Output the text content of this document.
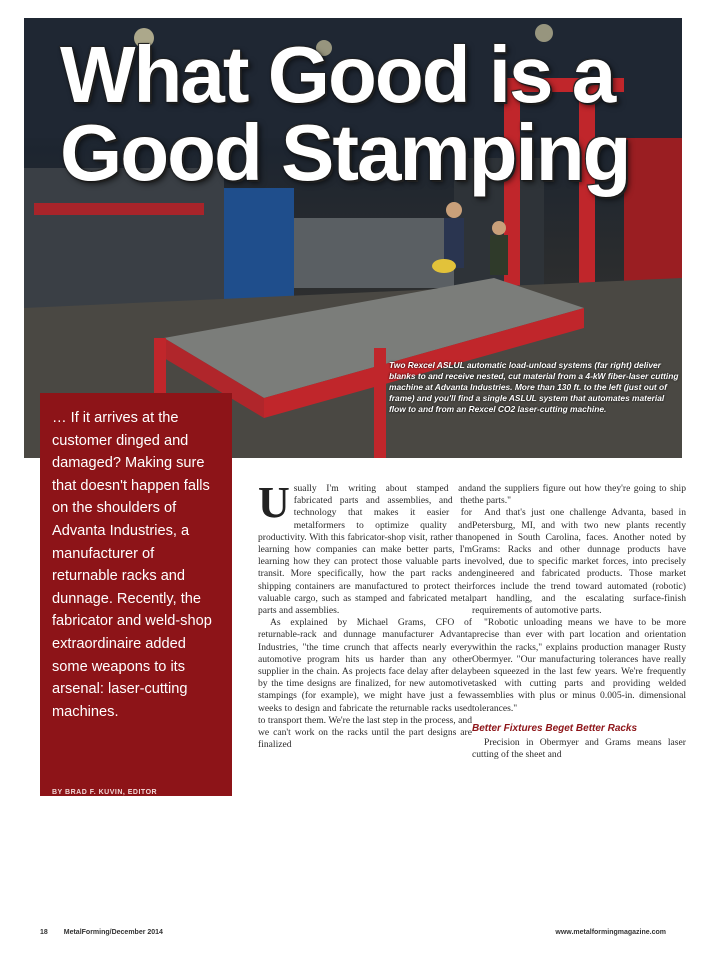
What Good is a
Good Stamping
Two Rexcel ASLUL automatic load-unload systems (far right) deliver blanks to and receive nested, cut material from a 4-kW fiber-laser cutting machine at Advanta Industries. More than 130 ft. to the left (just out of frame) and you'll find a single ASLUL system that automates material flow to and from an Rexcel CO2 laser-cutting machine.

… If it arrives at the customer dinged and damaged? Making sure that doesn't happen falls on the shoulders of Advanta Industries, a manufacturer of returnable racks and dunnage. Recently, the fabricator and weld-shop extraordinaire added some weapons to its arsenal: laser-cutting machines.

BY BRAD F. KUVIN, EDITOR

Usually I'm writing about stamped and fabricated parts and assemblies, and the technology that makes it easier for metalformers to optimize quality and productivity. With this fabricator-shop visit, rather than learning how companies can make better parts, I'm learning how they can protect those valuable parts in transit. More specifically, how the part racks and shipping containers are manufactured to protect their valuable cargo, such as stamped and fabricated metal parts and assemblies.

As explained by Michael Grams, CFO of returnable-rack and dunnage manufacturer Advanta Industries, "the time crunch that affects nearly every automotive program hits us harder than any other supplier in the chain. As projects face delay after delay by the time designs are finalized, for new automotive stampings (for example), we might have just a few weeks to design and fabricate the returnable racks used to transport them. We're the last step in the process, and we can't work on the racks until the part designs are finalized

and the suppliers figure out how they're going to ship the parts."

And that's just one challenge Advanta, based in Petersburg, MI, and with two new plants recently opened in South Carolina, faces. Another noted by Grams: Racks and other dunnage products have evolved, due to specific market forces, into precisely engineered and fabricated products. Those market forces include the trend toward automated (robotic) part handling, and the escalating surface-finish requirements of automotive parts.

"Robotic unloading means we have to be more precise than ever with part location and orientation within the racks," explains production manager Rusty Obermyer. "Our manufacturing tolerances have really been squeezed in the last few years. We're frequently tasked with cutting parts and providing welded assemblies with plus or minus 0.005-in. dimensional tolerances."

Better Fixtures Beget Better Racks

Precision in Obermyer and Grams means laser cutting of the sheet and

18 MetalForming/December 2014	www.metalformingmagazine.com
